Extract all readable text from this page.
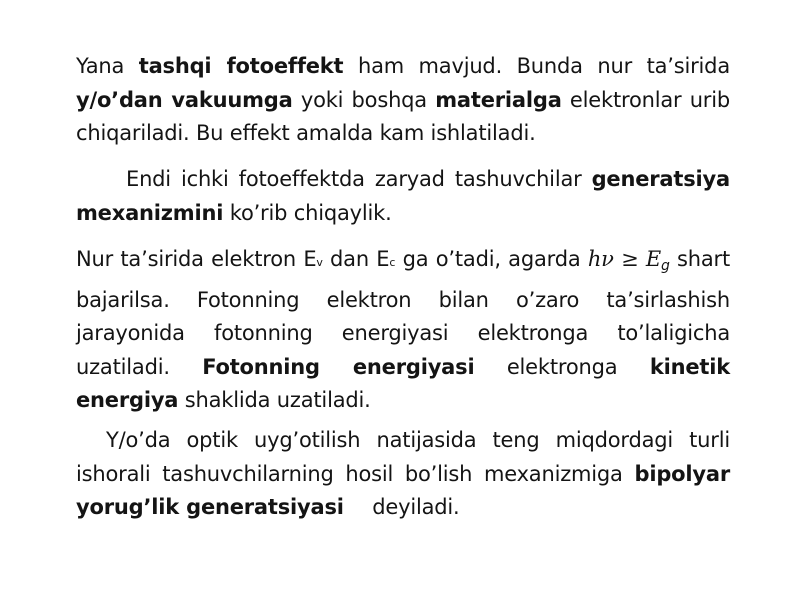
Yana tashqi fotoeffekt ham mavjud. Bunda nur ta’sirida y/o’dan vakuumga yoki boshqa materialga elektronlar urib chiqariladi. Bu effekt amalda kam ishlatiladi.

Endi ichki fotoeffektda zaryad tashuvchilar generatsiya mexanizmini ko’rib chiqaylik.

Nur ta’sirida elektron Ev dan Ec ga o’tadi, agarda hν ≥ Eg shart bajarilsa. Fotonning elektron bilan o’zaro ta’sirlashish jarayonida fotonning energiyasi elektronga to’laligicha uzatiladi. Fotonning energiyasi elektronga kinetik energiya shaklida uzatiladi.

Y/o’da optik uyg’otilish natijasida teng miqdordagi turli ishorali tashuvchilarning hosil bo’lish mexanizmiga bipolyar yorug’lik generatsiyasi deyiladi.
